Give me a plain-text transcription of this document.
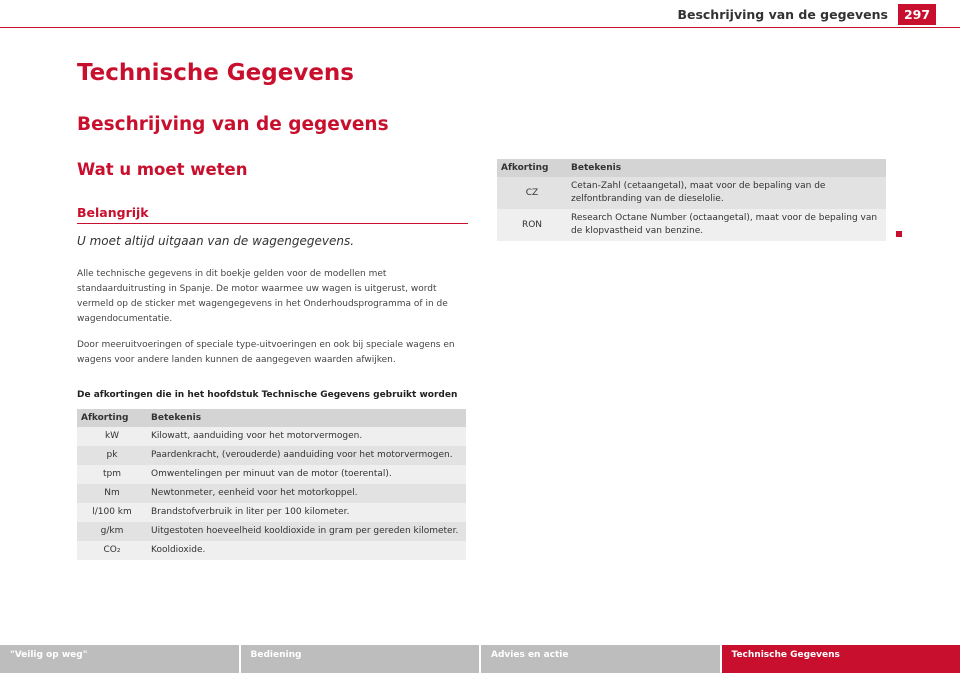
Beschrijving van de gegevens	297
Technische Gegevens
Beschrijving van de gegevens
Wat u moet weten
Belangrijk
U moet altijd uitgaan van de wagengegevens.

Alle technische gegevens in dit boekje gelden voor de modellen met standaarduitrusting in Spanje. De motor waarmee uw wagen is uitgerust, wordt vermeld op de sticker met wagengegevens in het Onderhoudsprogramma of in de wagendocumentatie.

Door meeruitvoeringen of speciale type-uitvoeringen en ook bij speciale wagens en wagens voor andere landen kunnen de aangegeven waarden afwijken.

De afkortingen die in het hoofdstuk Technische Gegevens gebruikt worden
Afkorting	Betekenis
kW	Kilowatt, aanduiding voor het motorvermogen.
pk	Paardenkracht, (verouderde) aanduiding voor het motorvermogen.
tpm	Omwentelingen per minuut van de motor (toerental).
Nm	Newtonmeter, eenheid voor het motorkoppel.
l/100 km	Brandstofverbruik in liter per 100 kilometer.
g/km	Uitgestoten hoeveelheid kooldioxide in gram per gereden kilometer.
CO₂	Kooldioxide.
Afkorting	Betekenis
CZ	Cetan-Zahl (cetaangetal), maat voor de bepaling van de zelfontbranding van de dieselolie.
RON	Research Octane Number (octaangetal), maat voor de bepaling van de klopvastheid van benzine.
"Veilig op weg"	Bediening	Advies en actie	Technische Gegevens
